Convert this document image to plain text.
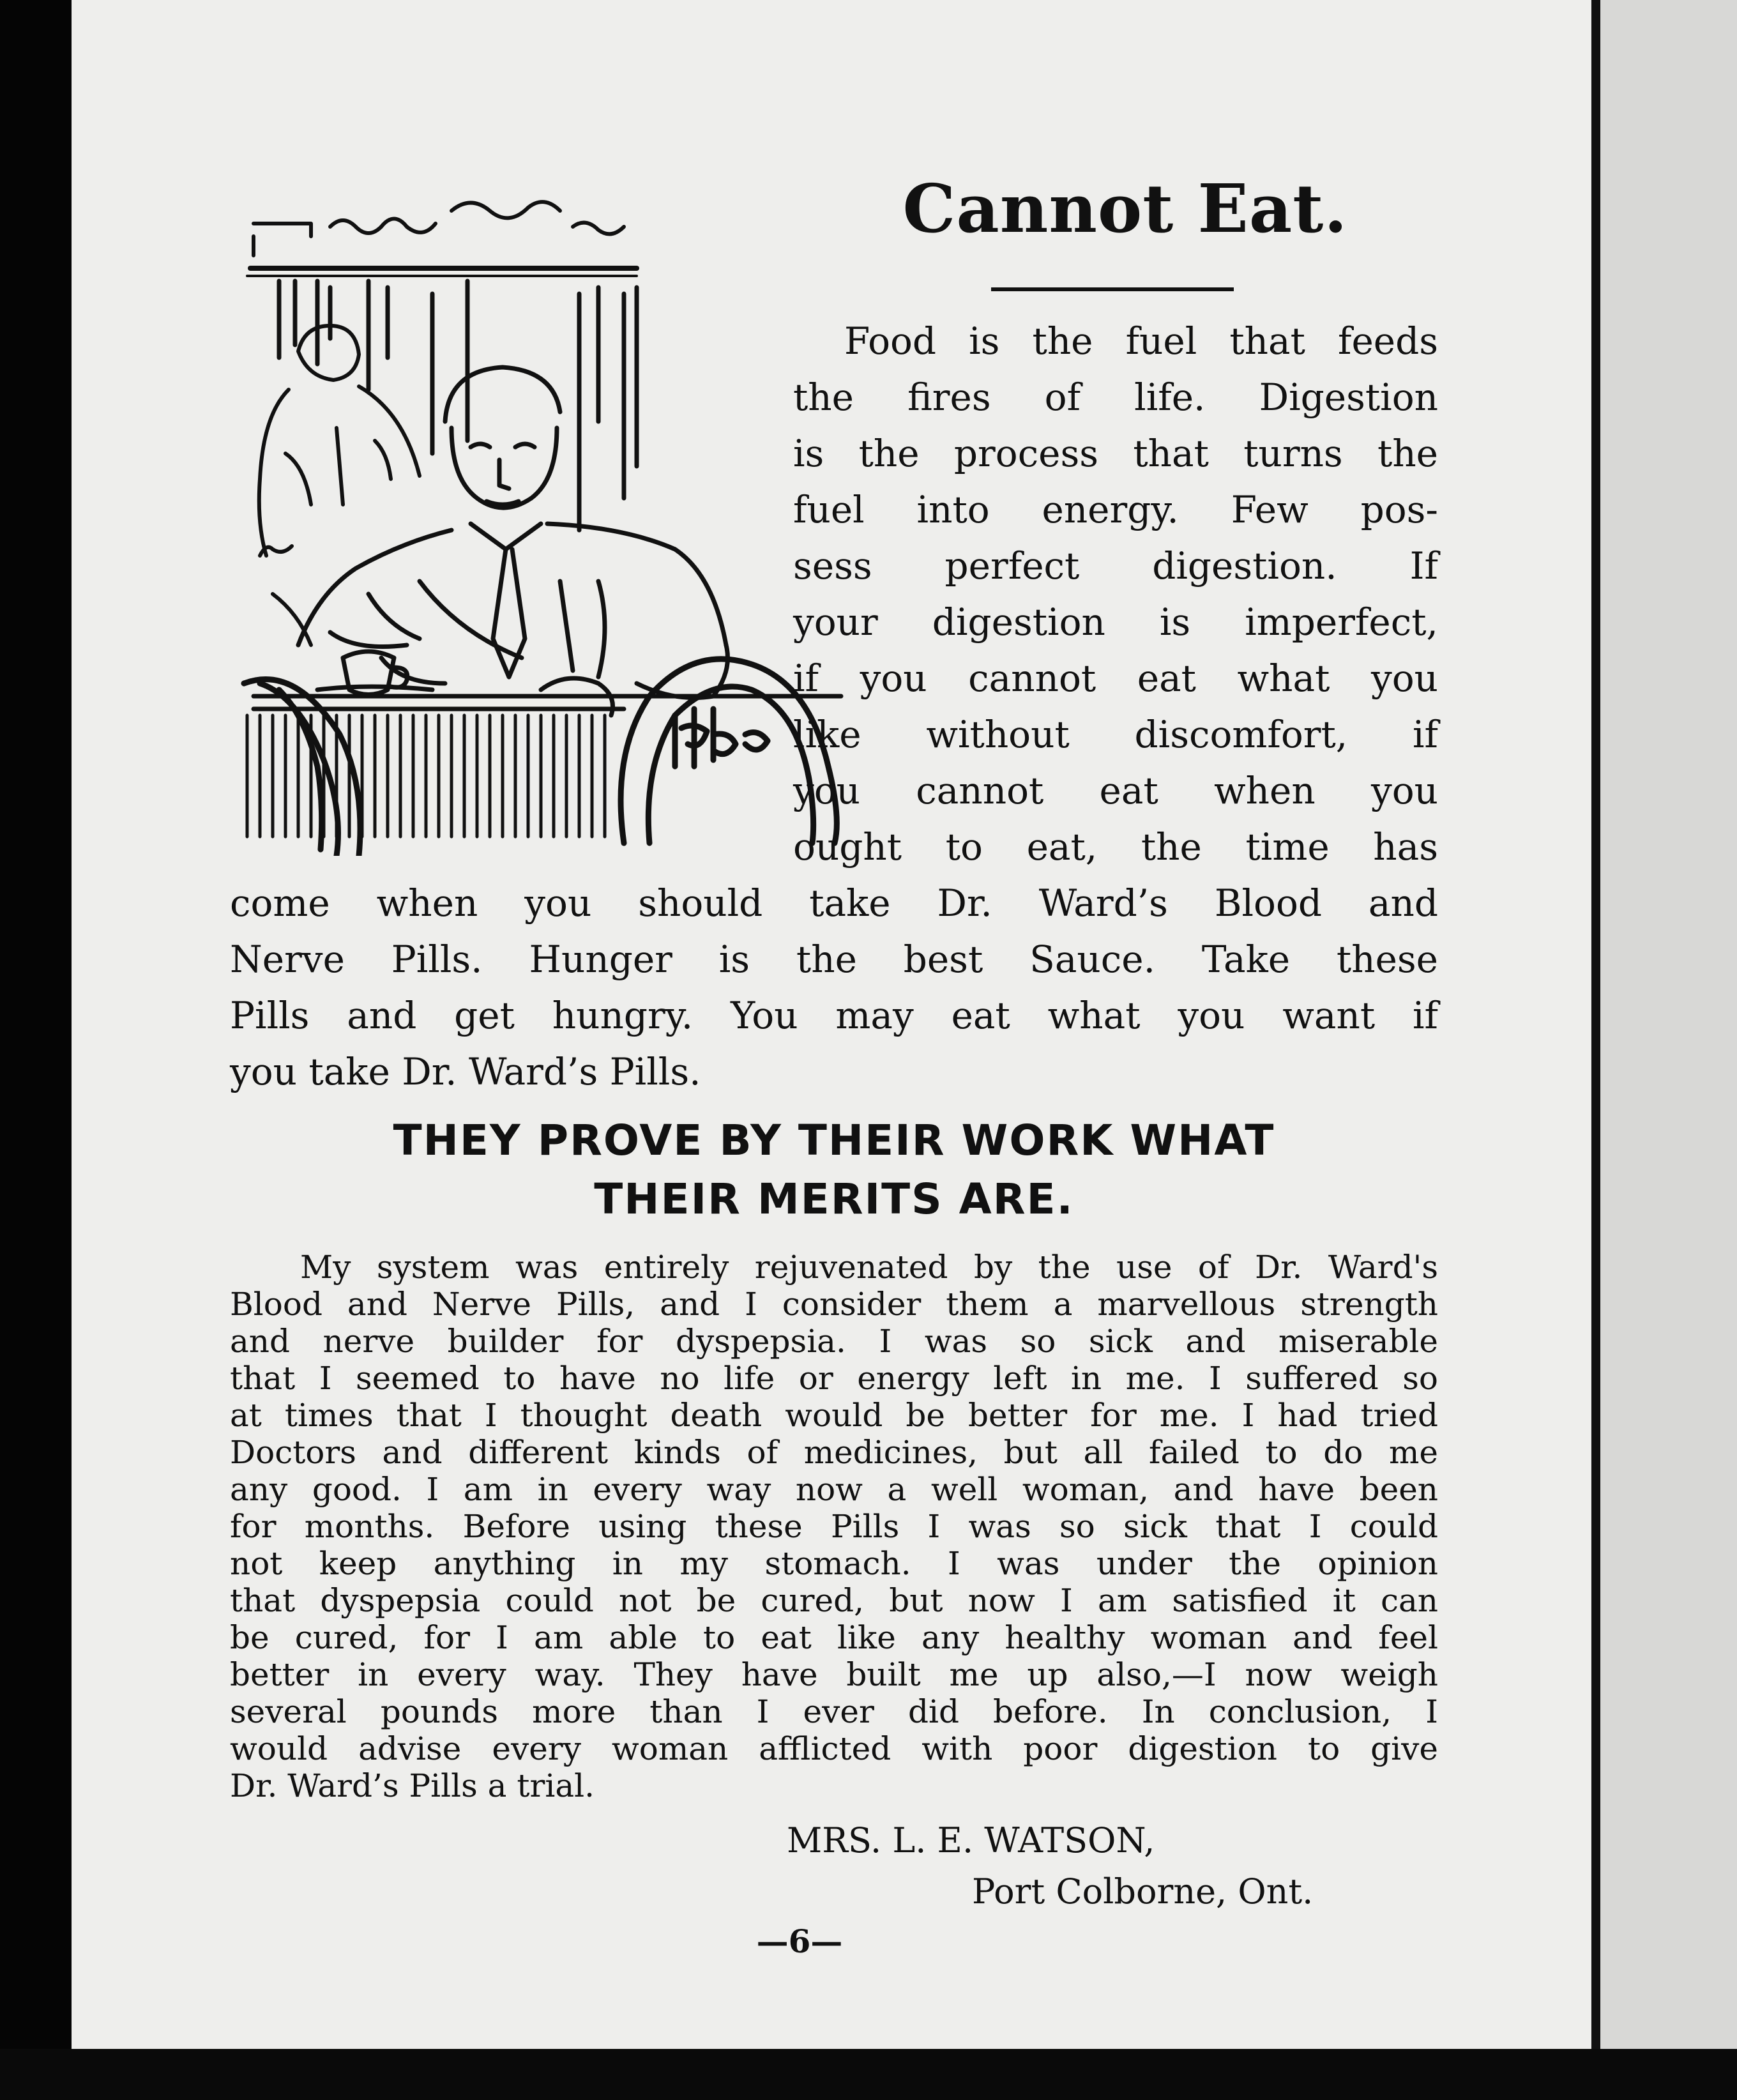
Cannot Eat.
Food is the fuel that feeds
the fires of life. Digestion
is the process that turns the
fuel into energy. Few pos-
sess perfect digestion. If
your digestion is imperfect,
if you cannot eat what you
like without discomfort, if
you cannot eat when you
ought to eat, the time has
come when you should take Dr. Ward’s Blood and
Nerve Pills. Hunger is the best Sauce. Take these
Pills and get hungry. You may eat what you want if
you take Dr. Ward’s Pills.
THEY PROVE BY THEIR WORK WHAT
THEIR MERITS ARE.
My system was entirely rejuvenated by the use of Dr. Ward's
Blood and Nerve Pills, and I consider them a marvellous strength
and nerve builder for dyspepsia. I was so sick and miserable
that I seemed to have no life or energy left in me. I suffered so
at times that I thought death would be better for me. I had tried
Doctors and different kinds of medicines, but all failed to do me
any good. I am in every way now a well woman, and have been
for months. Before using these Pills I was so sick that I could
not keep anything in my stomach. I was under the opinion
that dyspepsia could not be cured, but now I am satisfied it can
be cured, for I am able to eat like any healthy woman and feel
better in every way. They have built me up also,—I now weigh
several pounds more than I ever did before. In conclusion, I
would advise every woman afflicted with poor digestion to give
Dr. Ward’s Pills a trial.
MRS. L. E. WATSON,
Port Colborne, Ont.
—6—
